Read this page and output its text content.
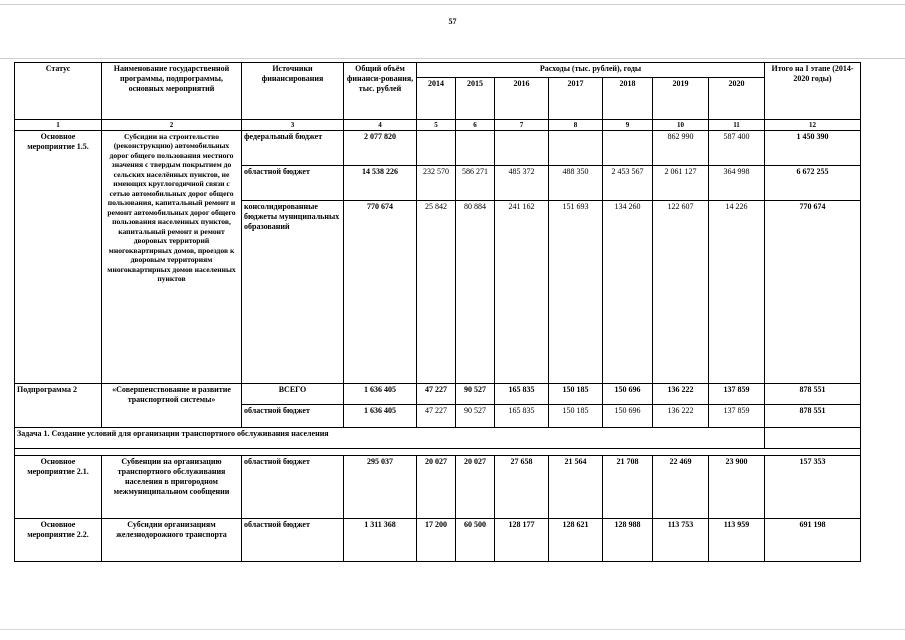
57
Статус	Наименование государственной программы, подпрограммы, основных мероприятий	Источники финансирования	Общий объём финанси-рования, тыс. рублей	Расходы (тыс. рублей), годы							Итого на I этапе (2014-2020 годы)
				2014	2015	2016	2017	2018	2019	2020	
1	2	3	4	5	6	7	8	9	10	11	12
Основное мероприятие 1.5.	Субсидии на строительство (реконструкцию) автомобильных дорог общего пользования местного значения с твердым покрытием до сельских населённых пунктов, не имеющих круглогодичной связи с сетью автомобильных дорог общего пользования, капитальный ремонт и ремонт автомобильных дорог общего пользования населенных пунктов, капитальный ремонт и ремонт дворовых территорий многоквартирных домов, проездов к дворовым территориям многоквартирных домов населенных пунктов	федеральный бюджет	2 077 820						862 990	587 400	1 450 390
		областной бюджет	14 538 226	232 570	586 271	485 372	488 350	2 453 567	2 061 127	364 998	6 672 255
		консолидированные бюджеты муниципальных образований	770 674	25 842	80 884	241 162	151 693	134 260	122 607	14 226	770 674
Подпрограмма 2	«Совершенствование и развитие транспортной системы»	ВСЕГО	1 636 405	47 227	90 527	165 835	150 185	150 696	136 222	137 859	878 551
		областной бюджет	1 636 405	47 227	90 527	165 835	150 185	150 696	136 222	137 859	878 551
Задача 1. Создание условий для организации транспортного обслуживания населения											

Основное мероприятие 2.1.	Субвенции на организацию транспортного обслуживания населения в пригородном межмуниципальном сообщении	областной бюджет	295 037	20 027	20 027	27 658	21 564	21 708	22 469	23 900	157 353
Основное мероприятие 2.2.	Субсидии организациям железнодорожного транспорта	областной бюджет	1 311 368	17 200	60 500	128 177	128 621	128 988	113 753	113 959	691 198
